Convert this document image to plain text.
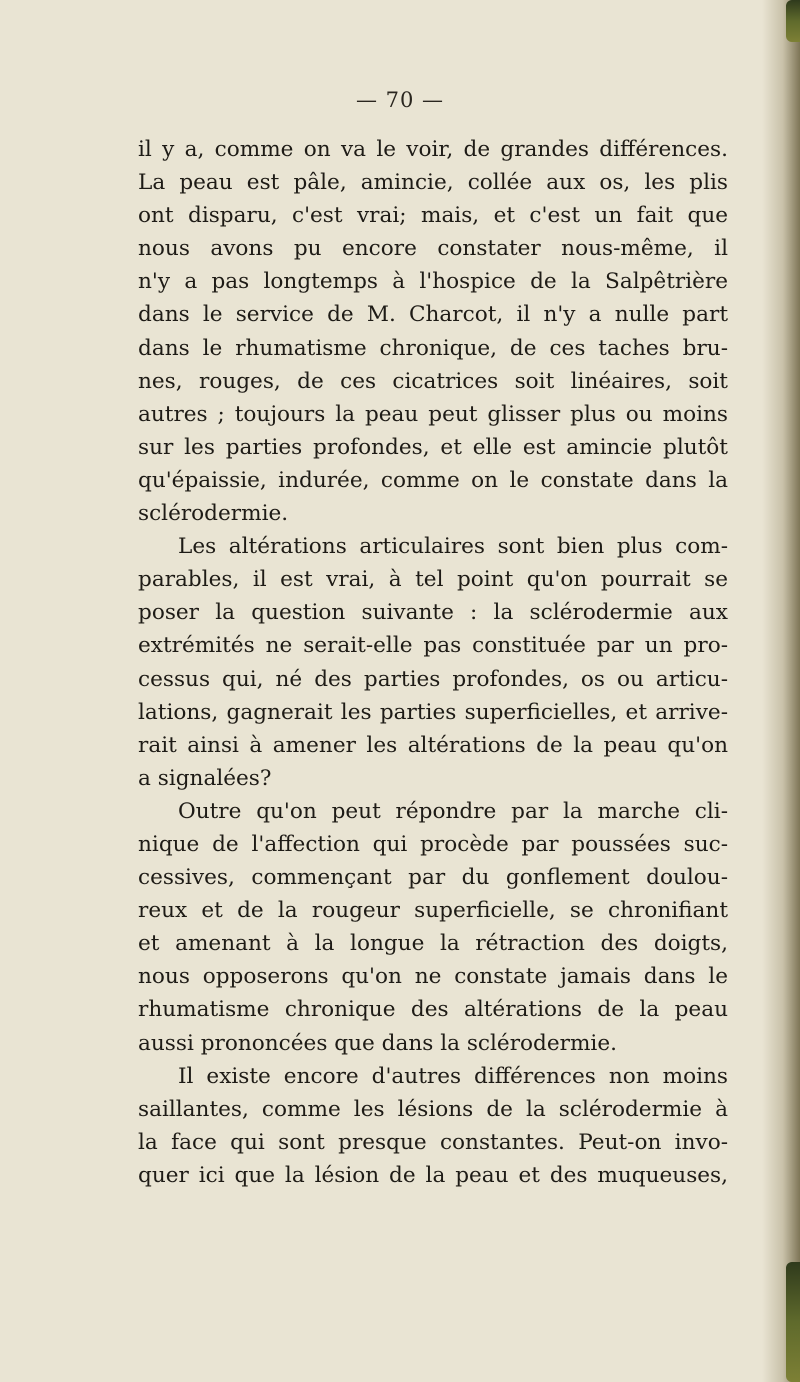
— 70 —
il y a, comme on va le voir, de grandes différences.
La peau est pâle, amincie, collée aux os, les plis
ont disparu, c'est vrai; mais, et c'est un fait que
nous avons pu encore constater nous-même, il
n'y a pas longtemps à l'hospice de la Salpêtrière
dans le service de M. Charcot, il n'y a nulle part
dans le rhumatisme chronique, de ces taches bru-
nes, rouges, de ces cicatrices soit linéaires, soit
autres ; toujours la peau peut glisser plus ou moins
sur les parties profondes, et elle est amincie plutôt
qu'épaissie, indurée, comme on le constate dans la
sclérodermie.
Les altérations articulaires sont bien plus com-
parables, il est vrai, à tel point qu'on pourrait se
poser la question suivante : la sclérodermie aux
extrémités ne serait-elle pas constituée par un pro-
cessus qui, né des parties profondes, os ou articu-
lations, gagnerait les parties superficielles, et arrive-
rait ainsi à amener les altérations de la peau qu'on
a signalées?
Outre qu'on peut répondre par la marche cli-
nique de l'affection qui procède par poussées suc-
cessives, commençant par du gonflement doulou-
reux et de la rougeur superficielle, se chronifiant
et amenant à la longue la rétraction des doigts,
nous opposerons qu'on ne constate jamais dans le
rhumatisme chronique des altérations de la peau
aussi prononcées que dans la sclérodermie.
Il existe encore d'autres différences non moins
saillantes, comme les lésions de la sclérodermie à
la face qui sont presque constantes. Peut-on invo-
quer ici que la lésion de la peau et des muqueuses,
